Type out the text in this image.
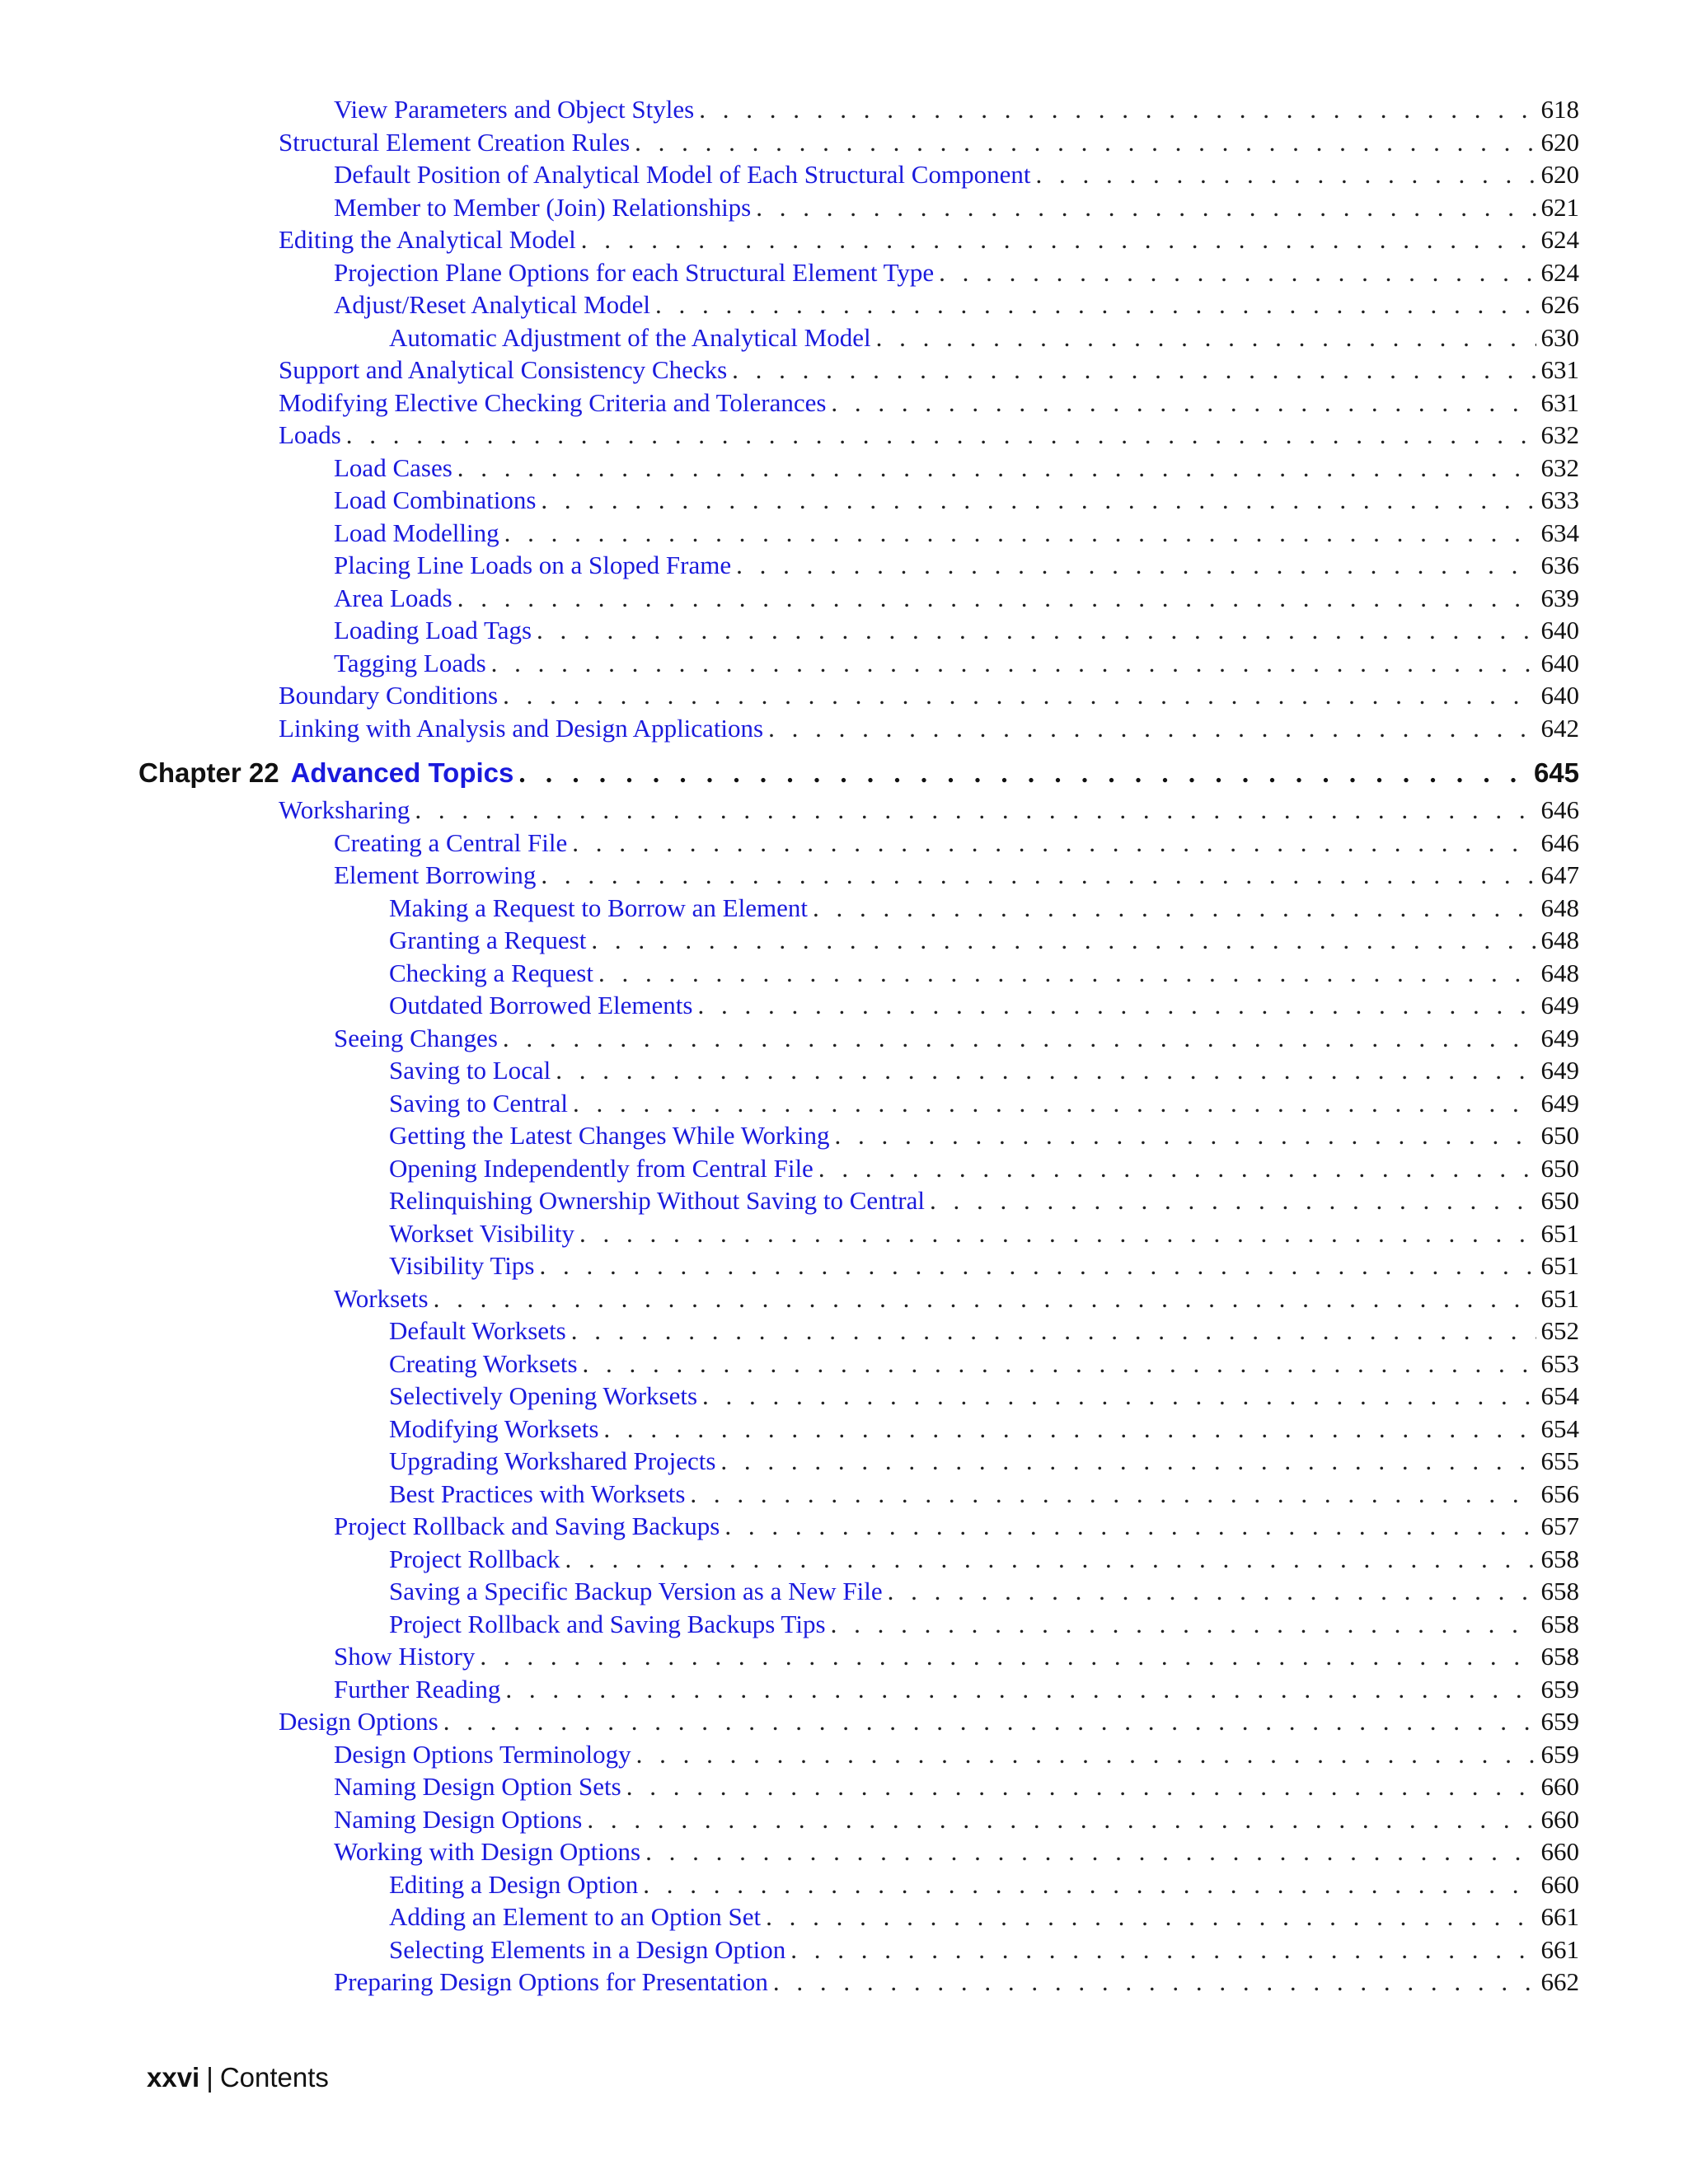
View Parameters and Object Styles . . .	618
Structural Element Creation Rules . . .	620
Default Position of Analytical Model of Each Structural Component . . .	620
Member to Member (Join) Relationships . . .	621
Editing the Analytical Model . . .	624
Projection Plane Options for each Structural Element Type . . .	624
Adjust/Reset Analytical Model . . .	626
Automatic Adjustment of the Analytical Model . . .	630
Support and Analytical Consistency Checks . . .	631
Modifying Elective Checking Criteria and Tolerances . . .	631
Loads . . .	632
Load Cases . . .	632
Load Combinations . . .	633
Load Modelling . . .	634
Placing Line Loads on a Sloped Frame . . .	636
Area Loads . . .	639
Loading Load Tags . . .	640
Tagging Loads . . .	640
Boundary Conditions . . .	640
Linking with Analysis and Design Applications . . .	642
Chapter 22 Advanced Topics . . .	645
Worksharing . . .	646
Creating a Central File . . .	646
Element Borrowing . . .	647
Making a Request to Borrow an Element . . .	648
Granting a Request . . .	648
Checking a Request . . .	648
Outdated Borrowed Elements . . .	649
Seeing Changes . . .	649
Saving to Local . . .	649
Saving to Central . . .	649
Getting the Latest Changes While Working . . .	650
Opening Independently from Central File . . .	650
Relinquishing Ownership Without Saving to Central . . .	650
Workset Visibility . . .	651
Visibility Tips . . .	651
Worksets . . .	651
Default Worksets . . .	652
Creating Worksets . . .	653
Selectively Opening Worksets . . .	654
Modifying Worksets . . .	654
Upgrading Workshared Projects . . .	655
Best Practices with Worksets . . .	656
Project Rollback and Saving Backups . . .	657
Project Rollback . . .	658
Saving a Specific Backup Version as a New File . . .	658
Project Rollback and Saving Backups Tips . . .	658
Show History . . .	658
Further Reading . . .	659
Design Options . . .	659
Design Options Terminology . . .	659
Naming Design Option Sets . . .	660
Naming Design Options . . .	660
Working with Design Options . . .	660
Editing a Design Option . . .	660
Adding an Element to an Option Set . . .	661
Selecting Elements in a Design Option . . .	661
Preparing Design Options for Presentation . . .	662
xxvi | Contents
